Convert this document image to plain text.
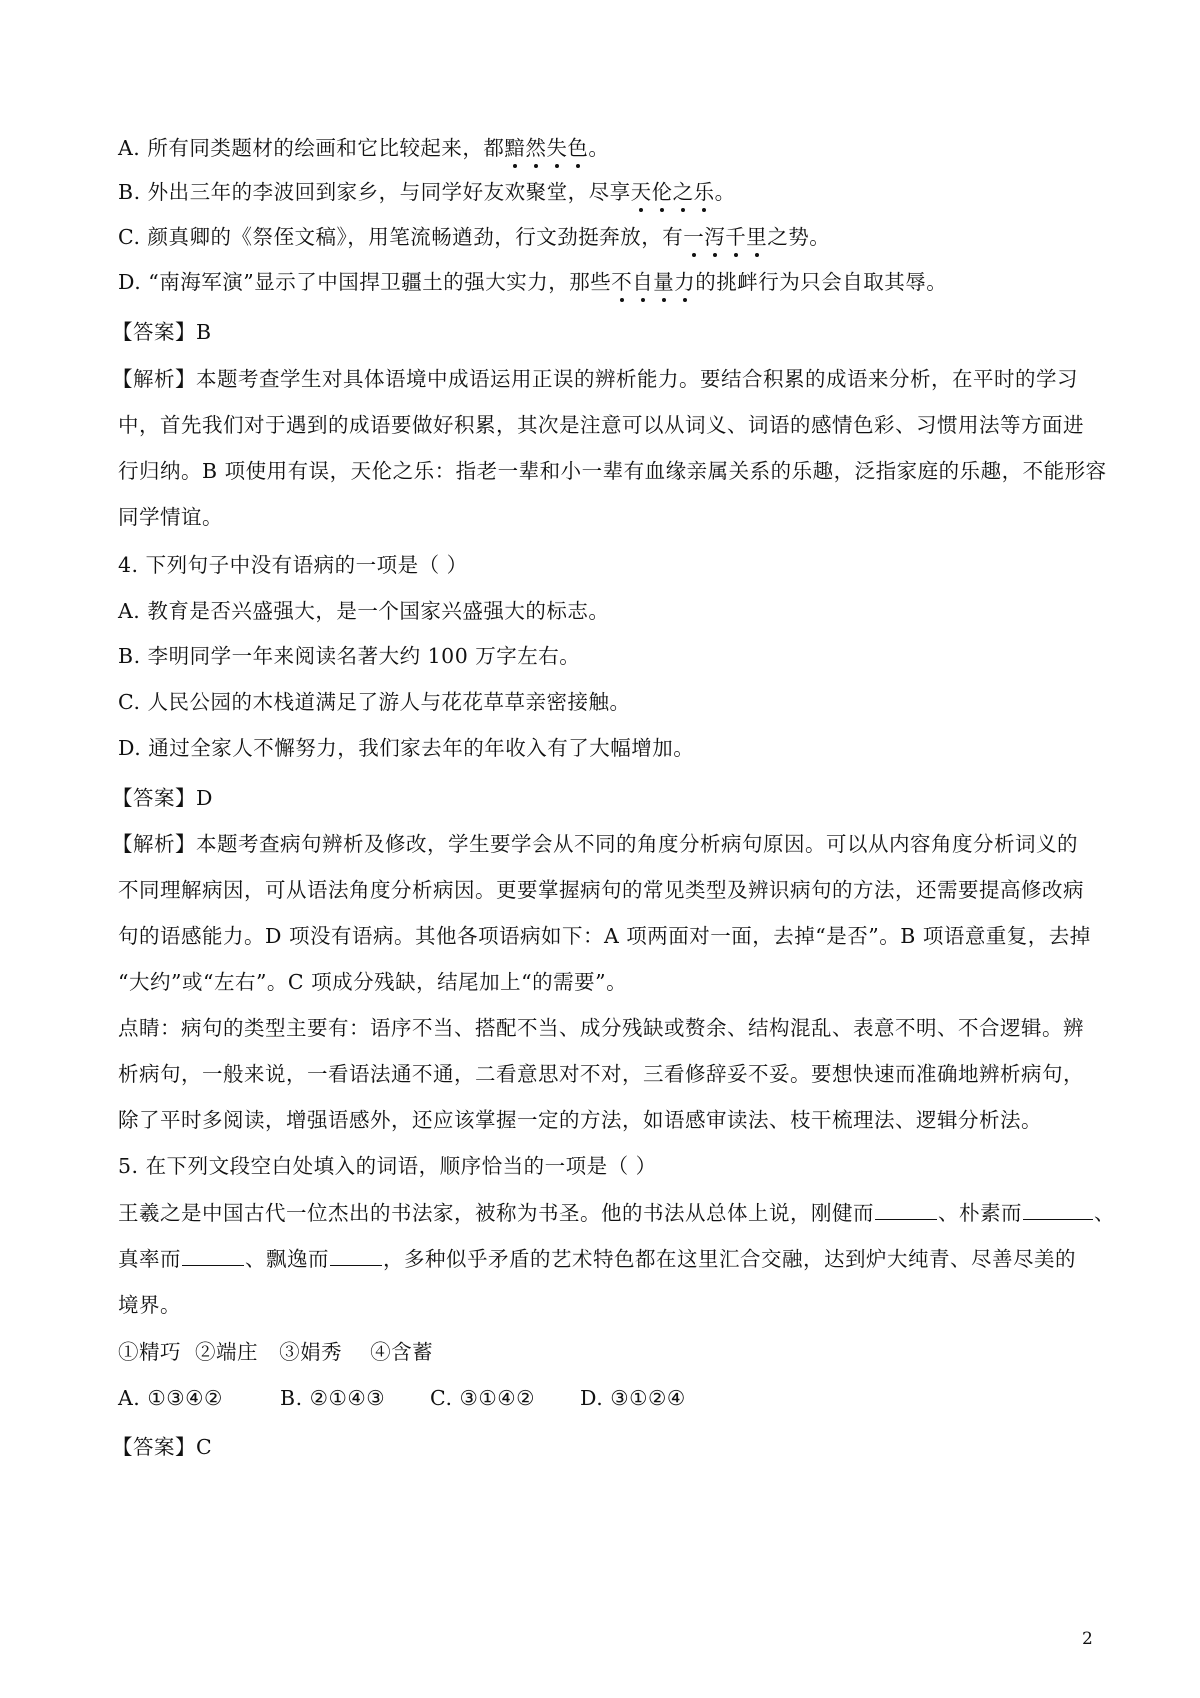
A. 所有同类题材的绘画和它比较起来，都黯然失色。
B. 外出三年的李波回到家乡，与同学好友欢聚堂，尽享天伦之乐。
C. 颜真卿的《祭侄文稿》，用笔流畅遒劲，行文劲挺奔放，有一泻千里之势。
D. “南海军演”显示了中国捍卫疆土的强大实力，那些不自量力的挑衅行为只会自取其辱。
【答案】B
【解析】本题考查学生对具体语境中成语运用正误的辨析能力。要结合积累的成语来分析，在平时的学习
中，首先我们对于遇到的成语要做好积累，其次是注意可以从词义、词语的感情色彩、习惯用法等方面进
行归纳。B 项使用有误，天伦之乐：指老一辈和小一辈有血缘亲属关系的乐趣，泛指家庭的乐趣，不能形容
同学情谊。
4. 下列句子中没有语病的一项是（ ）
A. 教育是否兴盛强大，是一个国家兴盛强大的标志。
B. 李明同学一年来阅读名著大约 100 万字左右。
C. 人民公园的木栈道满足了游人与花花草草亲密接触。
D. 通过全家人不懈努力，我们家去年的年收入有了大幅增加。
【答案】D
【解析】本题考查病句辨析及修改，学生要学会从不同的角度分析病句原因。可以从内容角度分析词义的
不同理解病因，可从语法角度分析病因。更要掌握病句的常见类型及辨识病句的方法，还需要提高修改病
句的语感能力。D 项没有语病。其他各项语病如下：A 项两面对一面，去掉“是否”。B 项语意重复，去掉
“大约”或“左右”。C 项成分残缺，结尾加上“的需要”。
点睛：病句的类型主要有：语序不当、搭配不当、成分残缺或赘余、结构混乱、表意不明、不合逻辑。辨
析病句，一般来说，一看语法通不通，二看意思对不对，三看修辞妥不妥。要想快速而准确地辨析病句，
除了平时多阅读，增强语感外，还应该掌握一定的方法，如语感审读法、枝干梳理法、逻辑分析法。
5. 在下列文段空白处填入的词语，顺序恰当的一项是（ ）
王羲之是中国古代一位杰出的书法家，被称为书圣。他的书法从总体上说，刚健而	、朴素而	、
真率而	、飘逸而	，多种似乎矛盾的艺术特色都在这里汇合交融，达到炉大纯青、尽善尽美的
境界。
①精巧  ②端庄   ③娟秀    ④含蓄
A. ①③④②	B. ②①④③ C. ③①④② D. ③①②④
【答案】C
2
